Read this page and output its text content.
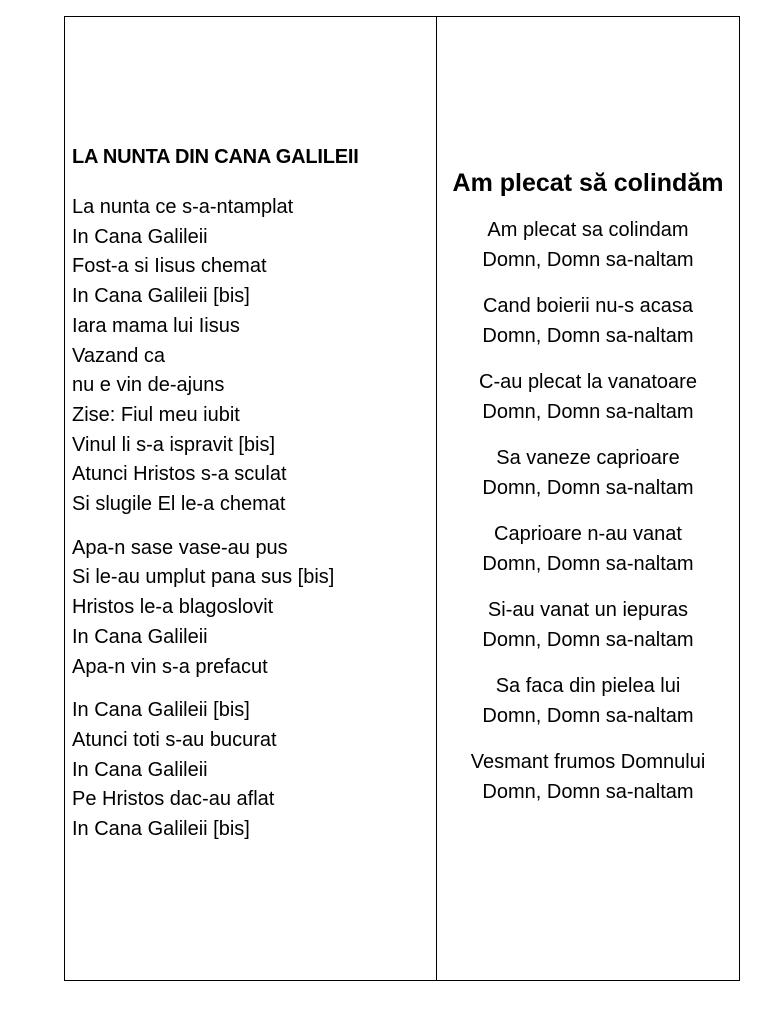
LA NUNTA DIN CANA GALILEII
La nunta ce s-a-ntamplat
In Cana Galileii
Fost-a si Iisus chemat
In Cana Galileii [bis]
Iara mama lui Iisus
Vazand ca
nu e vin de-ajuns
Zise: Fiul meu iubit
Vinul li s-a ispravit [bis]
Atunci Hristos s-a sculat
Si slugile El le-a chemat
Apa-n sase vase-au pus
Si le-au umplut pana sus [bis]
Hristos le-a blagoslovit
In Cana Galileii
Apa-n vin s-a prefacut
In Cana Galileii [bis]
Atunci toti s-au bucurat
In Cana Galileii
Pe Hristos dac-au aflat
In Cana Galileii [bis]
Am plecat să colindăm
Am plecat sa colindam
Domn, Domn sa-naltam
Cand boierii nu-s acasa
Domn, Domn sa-naltam
C-au plecat la vanatoare
Domn, Domn sa-naltam
Sa vaneze caprioare
Domn, Domn sa-naltam
Caprioare n-au vanat
Domn, Domn sa-naltam
Si-au vanat un iepuras
Domn, Domn sa-naltam
Sa faca din pielea lui
Domn, Domn sa-naltam
Vesmant frumos Domnului
Domn, Domn sa-naltam
